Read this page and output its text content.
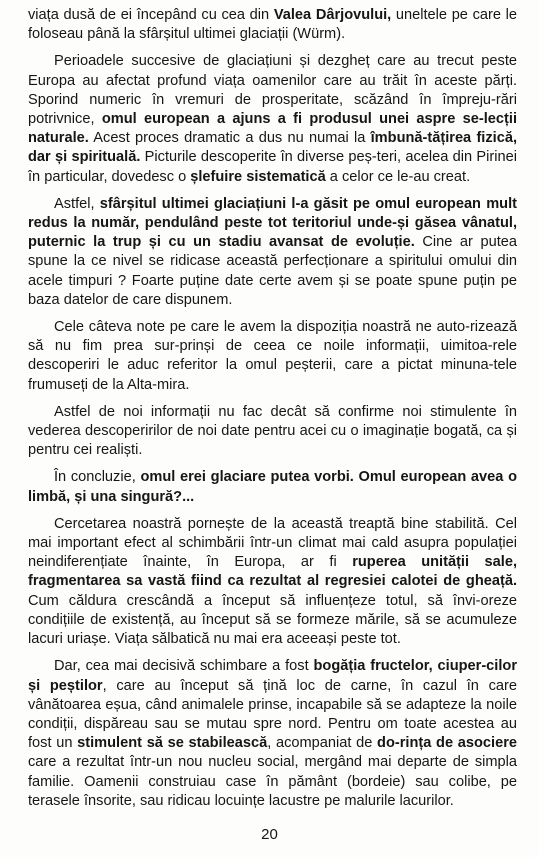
viața dusă de ei începând cu cea din Valea Dârjovului, uneltele pe care le foloseau până la sfârșitul ultimei glaciații (Würm).

Perioadele succesive de glaciațiuni și dezgheț care au trecut peste Europa au afectat profund viața oamenilor care au trăit în aceste părți. Sporind numeric în vremuri de prosperitate, scăzând în împreju-rări potrivnice, omul european a ajuns a fi produsul unei aspre se-lecții naturale. Acest proces dramatic a dus nu numai la îmbună-tățirea fizică, dar și spirituală. Picturile descoperite în diverse peș-teri, acelea din Pirinei în particular, dovedesc o șlefuire sistematică a celor ce le-au creat.

Astfel, sfârșitul ultimei glaciațiuni l-a găsit pe omul european mult redus la număr, pendulând peste tot teritoriul unde-și găsea vânatul, puternic la trup și cu un stadiu avansat de evoluție. Cine ar putea spune la ce nivel se ridicase această perfecționare a spiritului omului din acele timpuri ? Foarte puține date certe avem și se poate spune puțin pe baza datelor de care dispunem.

Cele câteva note pe care le avem la dispoziția noastră ne auto-rizează să nu fim prea sur-prinși de ceea ce noile informații, uimitoa-rele descoperiri le aduc referitor la omul peșterii, care a pictat minuna-tele frumuseți de la Alta-mira.

Astfel de noi informații nu fac decât să confirme noi stimulente în vederea descoperirilor de noi date pentru acei cu o imaginație bogată, ca și pentru cei realiști.

În concluzie, omul erei glaciare putea vorbi. Omul european avea o limbă, și una singură?...

Cercetarea noastră pornește de la această treaptă bine stabilită. Cel mai important efect al schimbării într-un climat mai cald asupra populației neindiferențiate înainte, în Europa, ar fi ruperea unității sale, fragmentarea sa vastă fiind ca rezultat al regresiei calotei de gheață. Cum căldura crescândă a început să influențeze totul, să învi-oreze condițiile de existență, au început să se formeze mările, să se acumuleze lacuri uriașe. Viața sălbatică nu mai era aceeași peste tot.

Dar, cea mai decisivă schimbare a fost bogăția fructelor, ciuper-cilor și peștilor, care au început să țină loc de carne, în cazul în care vânătoarea eșua, când animalele prinse, incapabile să se adapteze la noile condiții, dispăreau sau se mutau spre nord. Pentru om toate acestea au fost un stimulent să se stabilească, acompaniat de do-rința de asociere care a rezultat într-un nou nucleu social, mergând mai departe de simpla familie. Oamenii construiau case în pământ (bordeie) sau colibe, pe terasele însorite, sau ridicau locuințe lacustre pe malurile lacurilor.

20
